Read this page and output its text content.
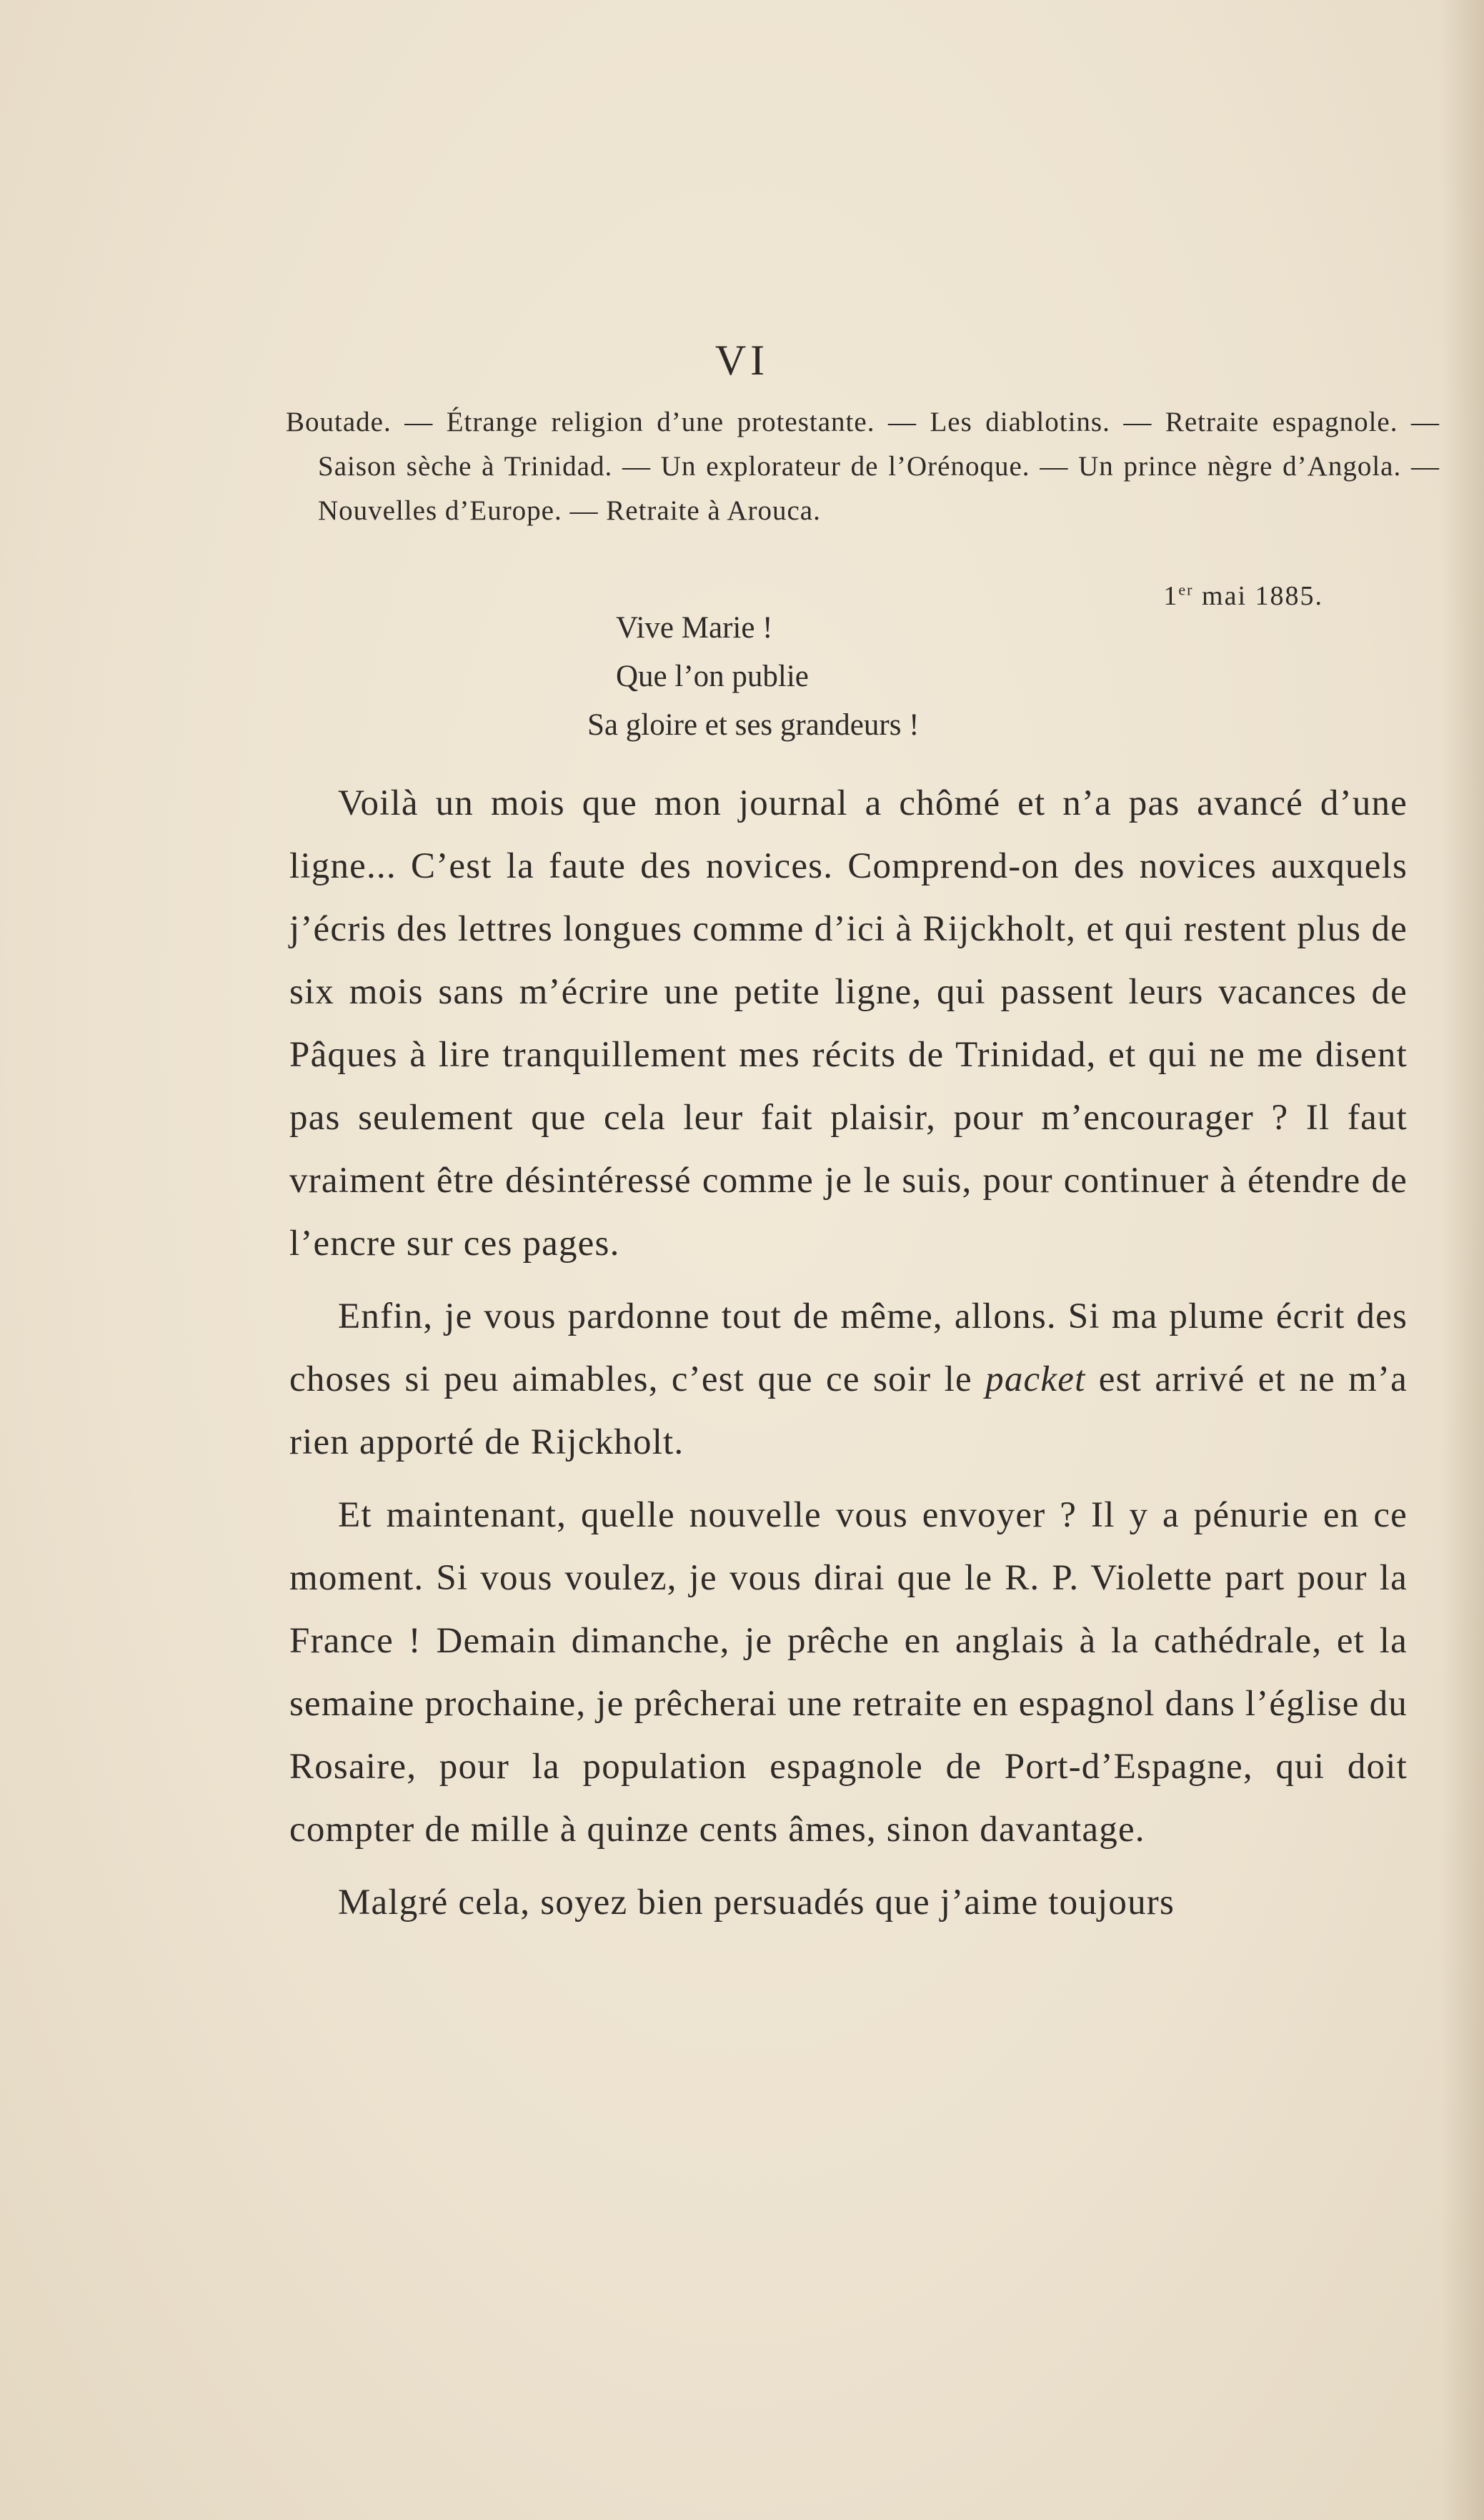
VI

Boutade. — Étrange religion d’une protestante. — Les diablotins. — Retraite espagnole. — Saison sèche à Trinidad. — Un explorateur de l’Orénoque. — Un prince nègre d’Angola. — Nouvelles d’Europe. — Retraite à Arouca.

1er mai 1885.

Vive Marie !
Que l’on publie
Sa gloire et ses grandeurs !

Voilà un mois que mon journal a chômé et n’a pas avancé d’une ligne... C’est la faute des novices. Comprend-on des novices auxquels j’écris des lettres longues comme d’ici à Rijckholt, et qui restent plus de six mois sans m’écrire une petite ligne, qui passent leurs vacances de Pâques à lire tranquillement mes récits de Trinidad, et qui ne me disent pas seulement que cela leur fait plaisir, pour m’encourager ? Il faut vraiment être désintéressé comme je le suis, pour continuer à étendre de l’encre sur ces pages.

Enfin, je vous pardonne tout de même, allons. Si ma plume écrit des choses si peu aimables, c’est que ce soir le packet est arrivé et ne m’a rien apporté de Rijckholt.

Et maintenant, quelle nouvelle vous envoyer ? Il y a pénurie en ce moment. Si vous voulez, je vous dirai que le R. P. Violette part pour la France ! Demain dimanche, je prêche en anglais à la cathédrale, et la semaine prochaine, je prêcherai une retraite en espagnol dans l’église du Rosaire, pour la population espagnole de Port-d’Espagne, qui doit compter de mille à quinze cents âmes, sinon davantage.

Malgré cela, soyez bien persuadés que j’aime toujours
